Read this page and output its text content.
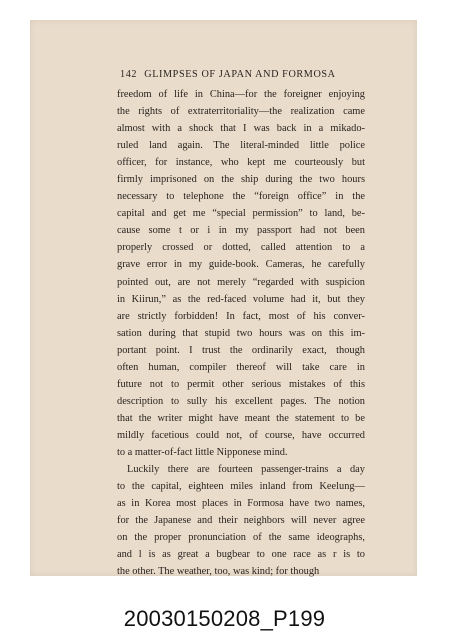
142 GLIMPSES OF JAPAN AND FORMOSA
freedom of life in China—for the foreigner enjoying
the rights of extraterritoriality—the realization came
almost with a shock that I was back in a mikado-
ruled land again. The literal-minded little police
officer, for instance, who kept me courteously but
firmly imprisoned on the ship during the two hours
necessary to telephone the “foreign office” in the
capital and get me “special permission” to land, be-
cause some t or i in my passport had not been
properly crossed or dotted, called attention to a
grave error in my guide-book. Cameras, he carefully
pointed out, are not merely “regarded with suspicion
in Kiirun,” as the red-faced volume had it, but they
are strictly forbidden! In fact, most of his conver-
sation during that stupid two hours was on this im-
portant point. I trust the ordinarily exact, though
often human, compiler thereof will take care in
future not to permit other serious mistakes of this
description to sully his excellent pages. The notion
that the writer might have meant the statement to be
mildly facetious could not, of course, have occurred
to a matter-of-fact little Nipponese mind.
Luckily there are fourteen passenger-trains a day
to the capital, eighteen miles inland from Keelung—
as in Korea most places in Formosa have two names,
for the Japanese and their neighbors will never agree
on the proper pronunciation of the same ideographs,
and l is as great a bugbear to one race as r is to
the other. The weather, too, was kind; for though
20030150208_P199
